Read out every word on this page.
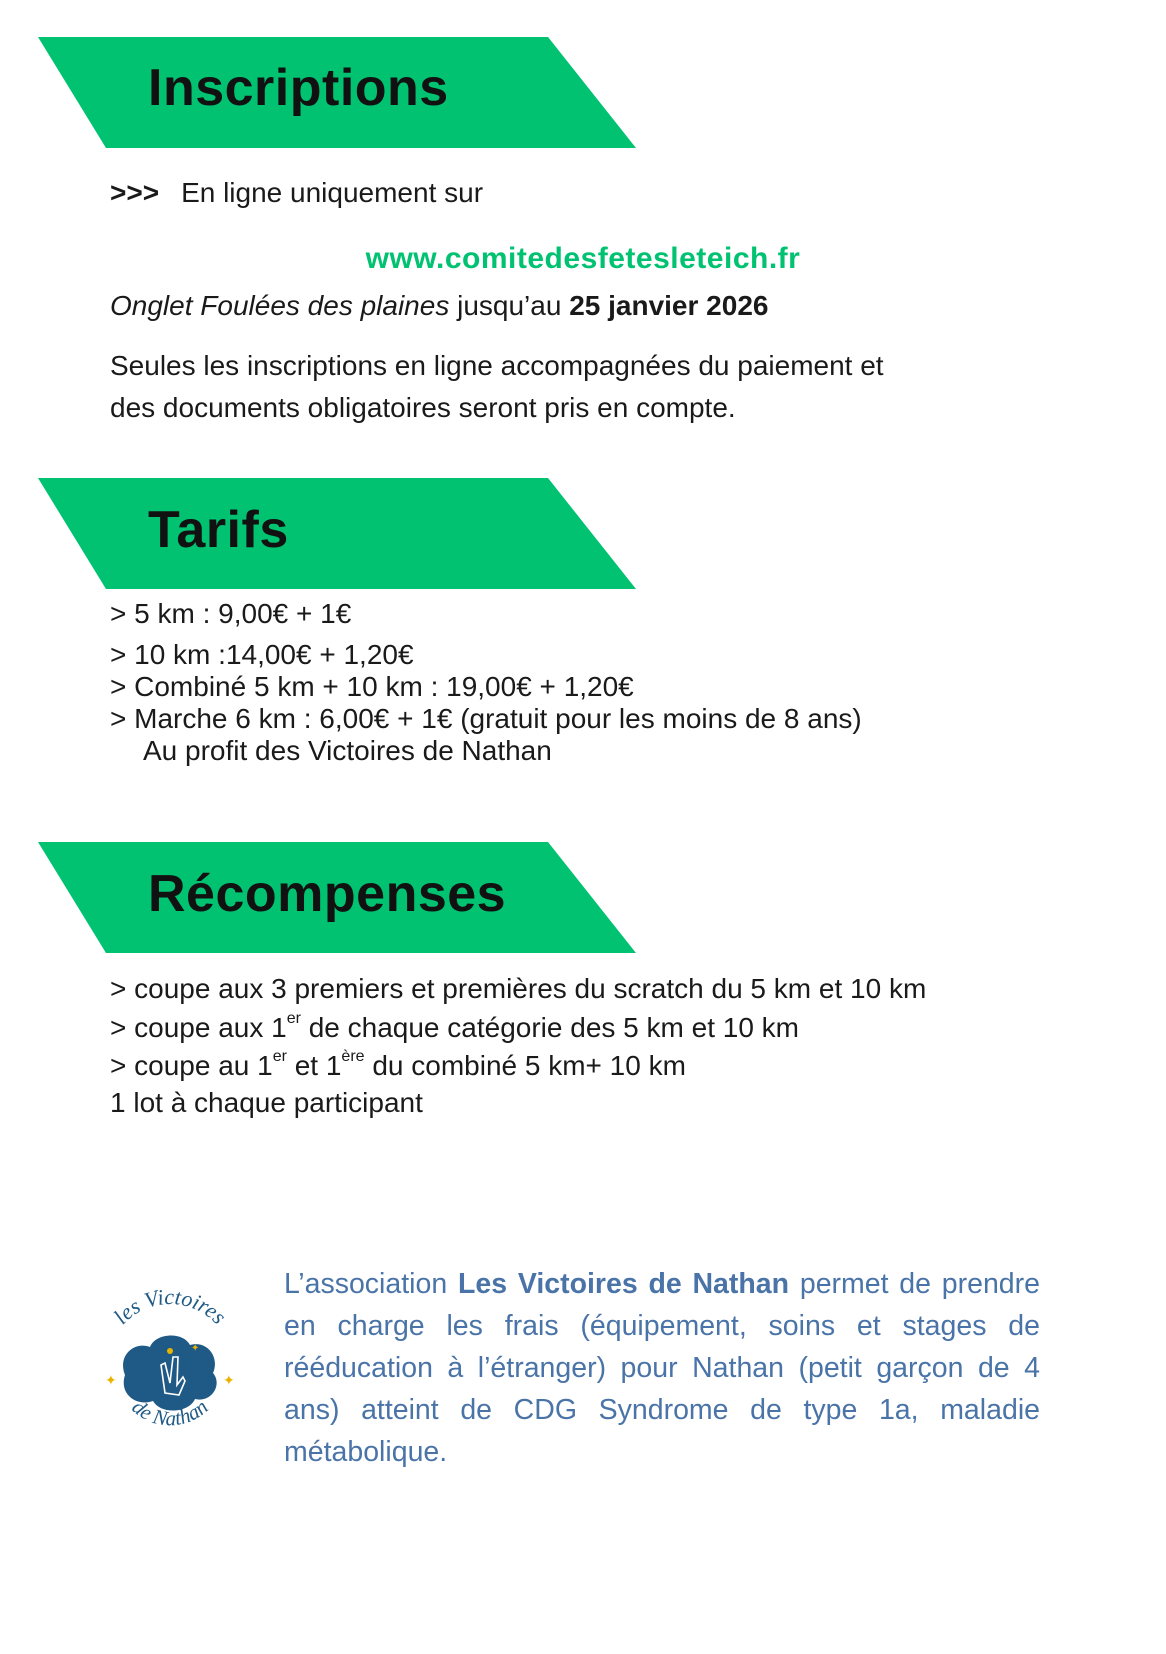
Inscriptions
>>> En ligne uniquement sur
www.comitedesfetesleteich.fr
Onglet Foulées des plaines jusqu’au 25 janvier 2026
Seules les inscriptions en ligne accompagnées du paiement et
des documents obligatoires seront pris en compte.
Tarifs
> 5 km : 9,00€ + 1€
> 10 km :14,00€ + 1,20€
> Combiné 5 km + 10 km : 19,00€ + 1,20€
> Marche 6 km : 6,00€ + 1€ (gratuit pour les moins de 8 ans)
Au profit des Victoires de Nathan
Récompenses
> coupe aux 3 premiers et premières du scratch du 5 km et 10 km
> coupe aux 1er de chaque catégorie des 5 km et 10 km
> coupe au 1er et 1ère du combiné 5 km+ 10 km
1 lot à chaque participant
les Victoires
✦	✦
✦
de Nathan
L’association Les Victoires de Nathan permet de prendre en charge les frais (équipement, soins et stages de rééducation à l’étranger) pour Nathan (petit garçon de 4 ans) atteint de CDG Syndrome de type 1a, maladie métabolique.
